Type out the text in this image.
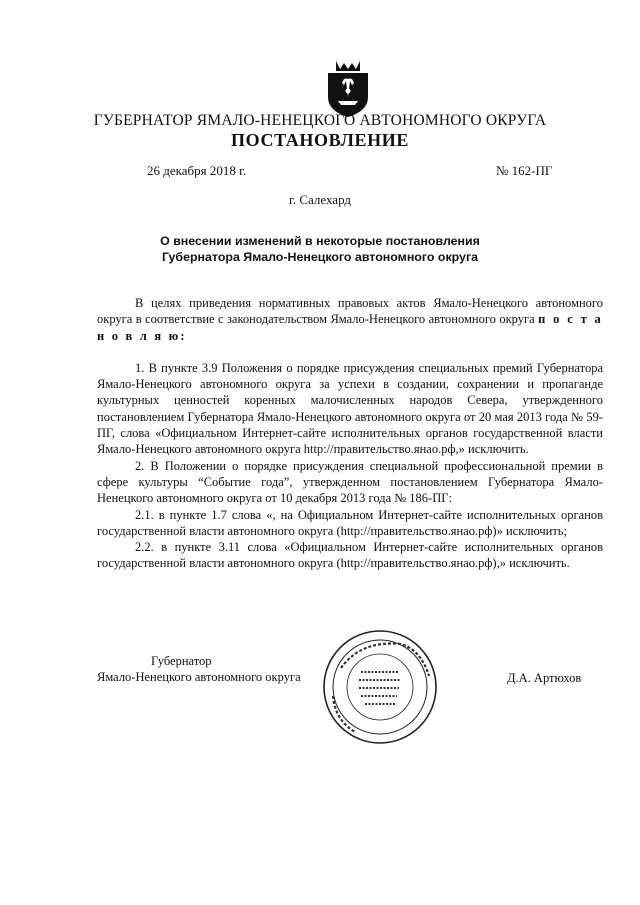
ГУБЕРНАТОР ЯМАЛО-НЕНЕЦКОГО АВТОНОМНОГО ОКРУГА
ПОСТАНОВЛЕНИЕ
26 декабря 2018 г.	№ 162-ПГ
г. Салехард
О внесении изменений в некоторые постановления
Губернатора Ямало-Ненецкого автономного округа

В целях приведения нормативных правовых актов Ямало-Ненецкого автономного округа в соответствие с законодательством Ямало-Ненецкого автономного округа п о с т а н о в л я ю:

1. В пункте 3.9 Положения о порядке присуждения специальных премий Губернатора Ямало-Ненецкого автономного округа за успехи в создании, сохранении и пропаганде культурных ценностей коренных малочисленных народов Севера, утвержденного постановлением Губернатора Ямало-Ненецкого автономного округа от 20 мая 2013 года № 59-ПГ, слова «Официальном Интернет-сайте исполнительных органов государственной власти Ямало-Ненецкого автономного округа http://правительство.янао.рф,» исключить.

2. В Положении о порядке присуждения специальной профессиональной премии в сфере культуры “Событие года”, утвержденном постановлением Губернатора Ямало-Ненецкого автономного округа от 10 декабря 2013 года № 186-ПГ:

2.1. в пункте 1.7 слова «, на Официальном Интернет-сайте исполнительных органов государственной власти автономного округа (http://правительство.янао.рф)» исключить;

2.2. в пункте 3.11 слова «Официальном Интернет-сайте исполнительных органов государственной власти автономного округа (http://правительство.янао.рф),» исключить.

Губернатор
Ямало-Ненецкого автономного округа	Д.А. Артюхов
